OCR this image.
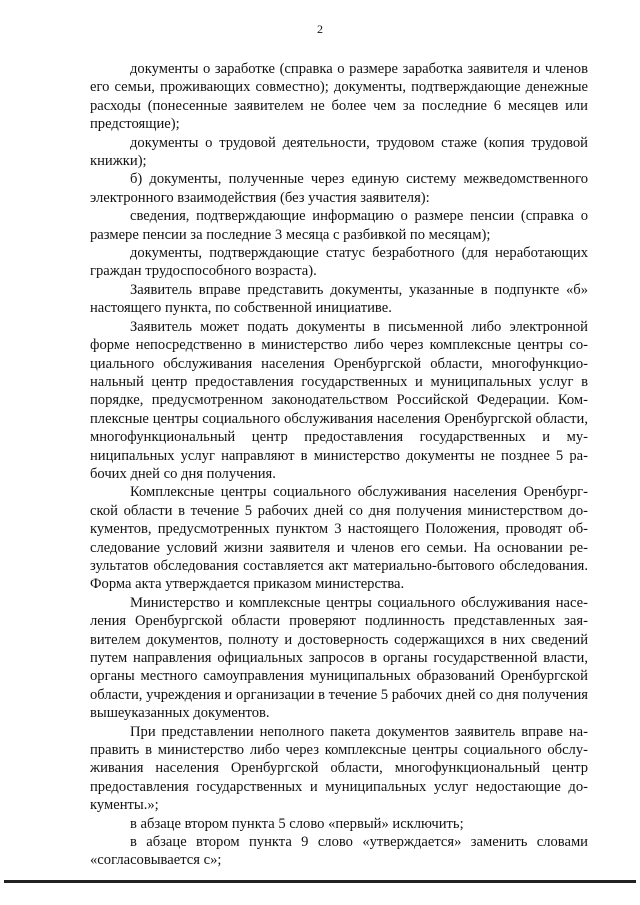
2

документы о заработке (справка о размере заработка заявителя и членов его семьи, проживающих совместно); документы, подтверждающие денежные расходы (понесенные заявителем не более чем за последние 6 месяцев или предстоящие);

документы о трудовой деятельности, трудовом стаже (копия трудовой книжки);

б) документы, полученные через единую систему межведомственного электронного взаимодействия (без участия заявителя):

сведения, подтверждающие информацию о размере пенсии (справка о размере пенсии за последние 3 месяца с разбивкой по месяцам);

документы, подтверждающие статус безработного (для неработающих граждан трудоспособного возраста).

Заявитель вправе представить документы, указанные в подпункте «б» настоящего пункта, по собственной инициативе.

Заявитель может подать документы в письменной либо электронной форме непосредственно в министерство либо через комплексные центры социального обслуживания населения Оренбургской области, многофункциональный центр предоставления государственных и муниципальных услуг в порядке, предусмотренном законодательством Российской Федерации. Комплексные центры социального обслуживания населения Оренбургской области, многофункциональный центр предоставления государственных и муниципальных услуг направляют в министерство документы не позднее 5 рабочих дней со дня получения.

Комплексные центры социального обслуживания населения Оренбургской области в течение 5 рабочих дней со дня получения министерством документов, предусмотренных пунктом 3 настоящего Положения, проводят обследование условий жизни заявителя и членов его семьи. На основании результатов обследования составляется акт материально-бытового обследования. Форма акта утверждается приказом министерства.

Министерство и комплексные центры социального обслуживания населения Оренбургской области проверяют подлинность представленных заявителем документов, полноту и достоверность содержащихся в них сведений путем направления официальных запросов в органы государственной власти, органы местного самоуправления муниципальных образований Оренбургской области, учреждения и организации в течение 5 рабочих дней со дня получения вышеуказанных документов.

При представлении неполного пакета документов заявитель вправе направить в министерство либо через комплексные центры социального обслуживания населения Оренбургской области, многофункциональный центр предоставления государственных и муниципальных услуг недостающие документы.»;

в абзаце втором пункта 5 слово «первый» исключить;

в абзаце втором пункта 9 слово «утверждается» заменить словами «согласовывается с»;
